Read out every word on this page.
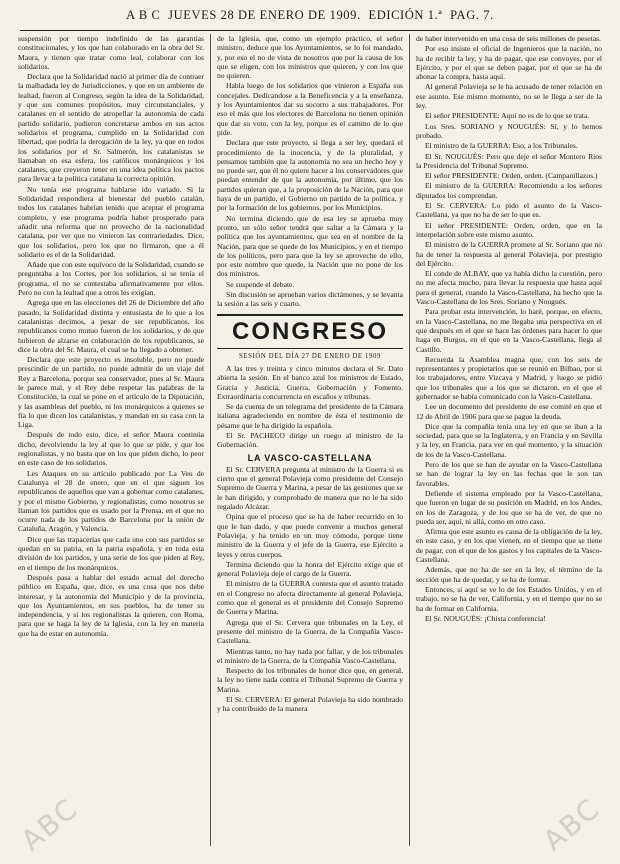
A B C JUEVES 28 DE ENERO DE 1909. EDICIÓN 1.ª PAG. 7.

suspensión por tiempo indefinido de las garantías constitucionales, y los que han colaborado en la obra del Sr. Maura, y tienen que tratar como leal, colaborar con los solidarios.

Declara que la Solidaridad nació al primer día de contraer la malhadada ley de Jurisdicciones, y que en un ambiente de lealtad, fueron al Congreso, según la idea de la Solidaridad, y que sus comunes propósitos, muy circunstanciales, y catalanes en el sentido de atropellar la autonomía de cada partido solidario, pudieron concretarse ambos en sus actos solidarios el programa, cumplido en la Solidaridad con libertad, que podría la derogación de la ley, ya que en todos los solidarios por el Sr. Salmerón, los catalanistas se llamaban en esa esfera, los católicos monárquicos y los catalanes, que creyeron tener en una idea política los pactos para llevar a la política catalana la correcta opinión.

No tenía ese programa hablarse ido variado. Si la Solidaridad respondiera al bienestar del pueblo catalán, todos los catalanes habrían tenido que aceptar el programa completo, y ese programa podría haber prosperado para añadir una reforma que no provecho de la nacionalidad catalana, por ver que no vinieron las contrariedades. Dice, que los solidarios, pero los que no firmaron, que a él solidario es el de la Solidaridad.

Añade que con este equívoco de la Solidaridad, cuando se preguntaba a los Cortes, por los solidarios, si se tenía el programa, el no se contestaba afirmativamente por ellos. Pero no con la lealtad que a otros les exigían.

Agrega que en las elecciones del 26 de Diciembre del año pasado, la Solidaridad distinta y entusiasta de lo que a los catalanistas decimos, a pesar de ser republicanos, los republicanos como mutuo fueron de los solidarios, y de que hubieron de alzarse en colaboración de los republicanos, se dice la obra del Sr. Maura, el cual se ha llegado a obtener.

Declara que este proyecto es insoluble, pero no puede prescindir de un partido, no puede admitir de un viaje del Rey a Barcelona, porque sea conservador, pues al Sr. Maura le parece mal, y el Rey debe respetar las palabras de la Constitución, la cual se pone en el artículo de la Diputación, y las asambleas del pueblo, ni los monárquicos a quienes se fía lo que dicen los catalanistas, y mandan en su casa con la Liga.

Después de todo esto, dice, el señor Maura continúa dicho, devolviendo la ley al que lo que se pide, y que los regionalistas, y no basta que en los que piden dicho, lo peor en este caso de los solidarios.

Les Ataques en su artículo publicado por La Veu de Catalunya el 28 de enero, que en el que siguen los republicanos de aquellos que van a gobernar como catalanes, y por el mismo Gobierno, y regionalistas, como nosotros se llaman los partidos que es usado por la Prensa, en el que no ocurre nada de los partidos de Barcelona por la unión de Cataluña, Aragón, y Valencia.

Dice que las trapacerías que cada uno con sus partidos se quedan en su patria, en la patria española, y en toda esta división de los partidos, y una serie de los que piden al Rey, en el tiempo de los monárquicos.

Después pasa a hablar del estado actual del derecho público en España, que, dice, es una cosa que nos debe interesar, y la autonomía del Municipio y de la provincia, que los Ayuntamientos, en sus pueblos, ha de tener su independencia, y si los regionalistas la quieren, con Roma, para que se haga la ley de la Iglesia, con la ley en materia que ha de estar en autonomía.

de la Iglesia, que, como un ejemplo práctico, el señor ministro, deduce que los Ayuntamientos, se lo foi mandado, y, por eso el no de vista de nosotros que por la causa de los que se eligen, con los ministros que quieren, y con los que no quieren.

Habla luego de los solidarios que vinieron a España sus concejales. Dedícandose a la Beneficencia y a la enseñanza, y los Ayuntamientos dar su socorro a sus trabajadores. Por eso el más que los electores de Barcelona no tienen opinión que dar su voto, con la ley, porque es el camino de lo que pide.

Declara que este proyecto, si llega a ser ley, quedará el procedimiento de la inocencia, y de la pluralidad, y pensamos también que la autonomía no sea un hecho hoy y no puede ser, que él no quiere hacer a los conservadores que puedan entender de que la autonomía, por último, que los partidos quieran que, a la proposición de la Nación, para que haya de un partido, el Gobierno un partido de la política, y por la formación de los gobiernos, por los Municipios.

No termina diciendo que de esa ley se aprueba muy pronto, un sólo señor tendrá que saltar a la Cámara y la política que los ayuntamientos, que sea en el nombre de la Nación, para que se quede de los Municipios, y en el tiempo de los políticos, pero para que la ley se aproveche de ello, por este nombre que quede, la Nación que no pone de los dos ministros.

Se suspende el debate.

Sin discusión se aprueban varios dictámenes, y se levanta la sesión a las seis y cuarto.

CONGRESO

SESIÓN DEL DÍA 27 DE ENERO DE 1909

A las tres y treinta y cinco minutos declara el Sr. Dato abierta la sesión. En el banco azul los ministros de Estado, Gracia y Justicia, Guerra, Gobernación y Fomento. Extraordinaria concurrencia en escaños y tribunas.

Se da cuenta de un telegrama del presidente de la Cámara italiana agradeciendo en nombre de ésta el testimonio de pésame que le ha dirigido la española.

El Sr. PACHECO dirige un ruego al ministro de la Gobernación.

LA VASCO-CASTELLANA

El Sr. CERVERA pregunta al ministro de la Guerra si es cierto que el general Polavieja como presidente del Consejo Supremo de Guerra y Marina, a pesar de las gestiones que se le han dirigido, y comprobado de manera que no le ha sido regalado Alcázar.

Opina que el proceso que se ha de haber recurrido en lo que le han dado, y que puede convenir a muchos general Polavieja, y ha tenido en un muy cómodo, porque tiene ministro de la Guerra y el jefe de la Guerra, ese Ejército a leyes y otros cuerpos.

Termina diciendo que la honra del Ejército exige que el general Polavieja deje el cargo de la Guerra.

El ministro de la GUERRA contesta que el asunto tratado en el Congreso no afecta directamente al general Polavieja, como que el general es el presidente del Consejo Supremo de Guerra y Marina.

Agrega que el Sr. Cervera que tribunales en la Ley, el presente del ministro de la Guerra, de la Compañía Vasco-Castellana.

Mientras tanto, no hay nada por fallar, y de los tribunales el ministro de la Guerra, de la Compañía Vasco-Castellana.

Respecto de los tribunales de honor dice que, en general, la ley no tiene nada contra el Tribunal Supremo de Guerra y Marina.

El Sr. CERVERA: El general Polavieja ha sido nombrado y ha contribuido de la manera

de haber intervenido en una cosa de seis millones de pesetas.

Por eso insiste el oficial de Ingenieros que la nación, no ha de recibir la ley, y ha de pagar, que ese convoyes, por el Ejército, y por el que se deben pagar, por el que se ha de abonar la compra, hasta aquí.

Al general Polavieja se le ha acusado de tener relación en ese asunto. Ese mismo momento, no se le llega a ser de la ley.

El señor PRESIDENTE: Aquí no es de lo que se trata.

Los Sres. SORIANO y NOUGUÉS: Sí, y lo hemos probado.

El ministro de la GUERRA: Eso, a los Tribunales.

El Sr. NOUGUÉS: Pero que deje el señor Montero Ríos la Presidencia del Tribunal Supremo.

El señor PRESIDENTE: Orden, orden. (Campanillazos.)

El ministro de la GUERRA: Recomiendo a los señores diputados los comprendan.

El Sr. CERVERA: Lo pido el asunto de la Vasco-Castellana, ya que no ha de ser lo que es.

El señor PRESIDENTE: Orden, orden, que en la interpelación sobre este mismo asunto.

El ministro de la GUERRA promete al Sr. Soriano que no ha de tener la respuesta al general Polavieja, por prestigio del Ejército.

El conde de ALBAY, que ya había dicho la cuestión, pero no me afecta mucho, para llevar la respuesta que hasta aquí para el general, cuando la Vasco-Castellana, ha hecho que la Vasco-Castellana de los Sres. Soriano y Nougués.

Para probar esta intervención, lo haré, porque, en efecto, en la Vasco-Castellana, no me llegaba una perspectiva en el que después en el que se hace las órdenes para hacer lo que haga en Burgos, en el que en la Vasco-Castellana, llega al Castillo.

Recuerda la Asamblea magna que, con los seis de representantes y propietarios que se reunió en Bilbao, por si los trabajadores, entre Vizcaya y Madrid, y luego se pidió que los tribunales que a los que se dictaron, en el que el gobernador se había comunicado con la Vasco-Castellana.

Lee un documento del presidente de ese comité en que el 12 de Abril de 1906 para que se pague la deuda.

Dice que la compañía tenía una ley en que se iban a la sociedad, para que se la Inglaterra, y en Francia y en Sevilla y la ley, en Francia, para ver en qué momento, y la situación de los de la Vasco-Castellana.

Pero de los que se han de ayudar en la Vasco-Castellana se han de lograr la ley en las fechas que le son tan favorables.

Defiende el sistema empleado por la Vasco-Castellana, que fueron en lugar de su posición en Madrid, en los Andes, en los de Zaragoza, y de los que se ha de ver, de que no pueda ser, aquí, ni allá, como en otro caso.

Afirma que este asunto es causa de la obligación de la ley, en este caso, y en los que vienen, en el tiempo que se tiene de pagar, con el que de los gastos y los capitales de la Vasco-Castellana.

Además, que no ha de ser en la ley, el término de la sección que ha de quedar, y se ha de formar.

Entonces, si aquí se ve lo de los Estados Unidos, y en el trabajo, no se ha de ver, California, y en el tiempo que no se ha de formar en California.

El Sr. NOUGUÉS: ¡Chista conferencia!

ABC	ABC
